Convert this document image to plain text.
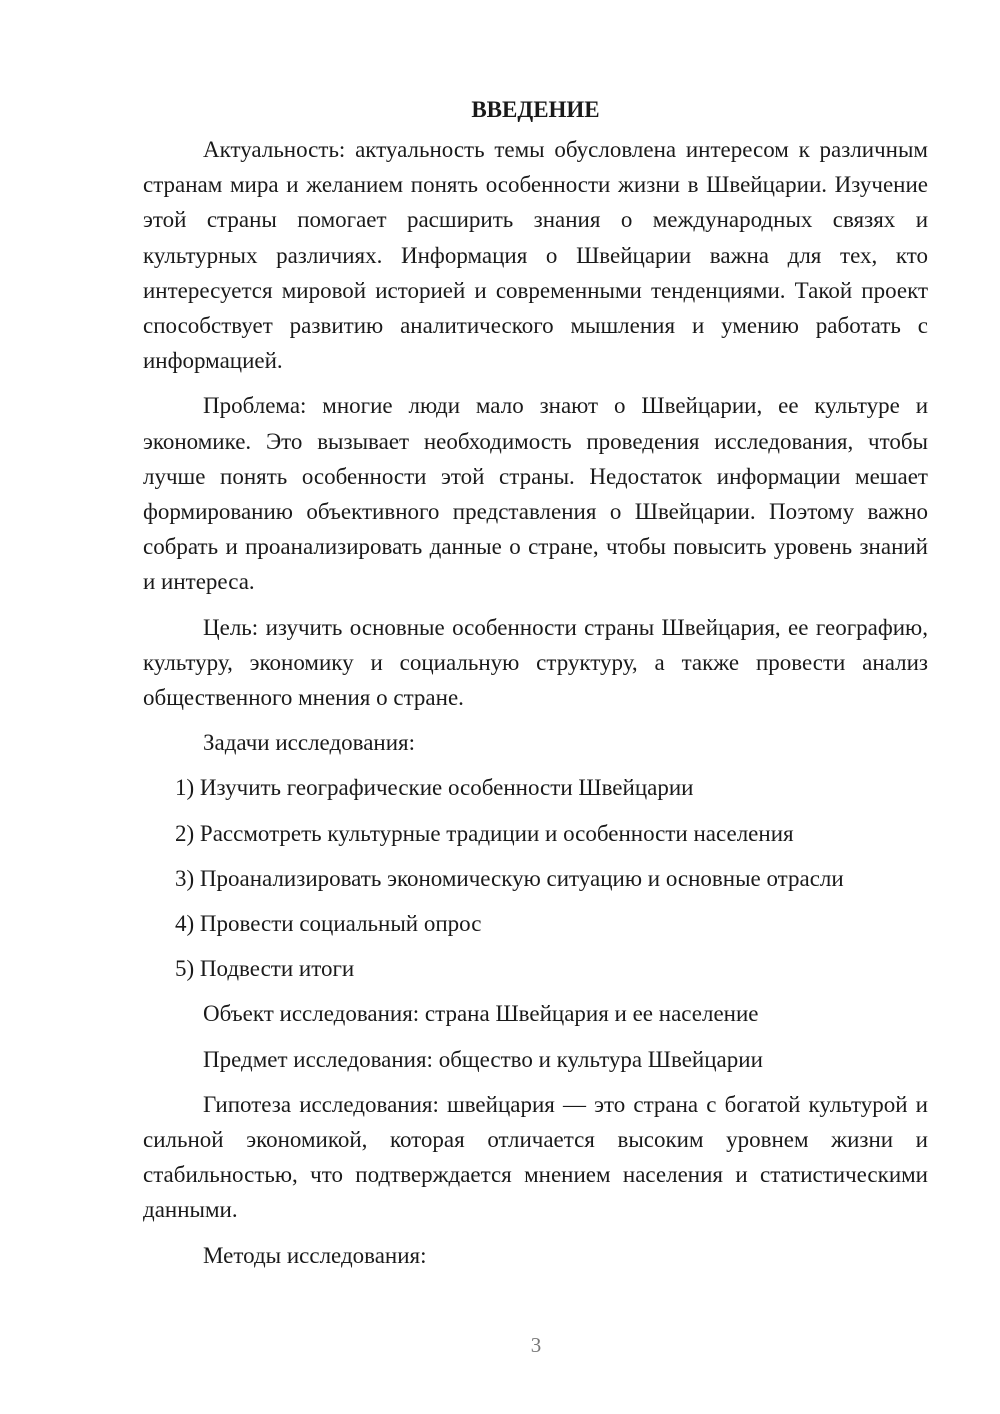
ВВЕДЕНИЕ

Актуальность: актуальность темы обусловлена интересом к различным странам мира и желанием понять особенности жизни в Швейцарии. Изучение этой страны помогает расширить знания о международных связях и культурных различиях. Информация о Швейцарии важна для тех, кто интересуется мировой историей и современными тенденциями. Такой проект способствует развитию аналитического мышления и умению работать с информацией.

Проблема: многие люди мало знают о Швейцарии, ее культуре и экономике. Это вызывает необходимость проведения исследования, чтобы лучше понять особенности этой страны. Недостаток информации мешает формированию объективного представления о Швейцарии. Поэтому важно собрать и проанализировать данные о стране, чтобы повысить уровень знаний и интереса.

Цель: изучить основные особенности страны Швейцария, ее географию, культуру, экономику и социальную структуру, а также провести анализ общественного мнения о стране.

Задачи исследования:

1) Изучить географические особенности Швейцарии

2) Рассмотреть культурные традиции и особенности населения

3) Проанализировать экономическую ситуацию и основные отрасли

4) Провести социальный опрос

5) Подвести итоги

Объект исследования: страна Швейцария и ее население

Предмет исследования: общество и культура Швейцарии

Гипотеза исследования: швейцария — это страна с богатой культурой и сильной экономикой, которая отличается высоким уровнем жизни и стабильностью, что подтверждается мнением населения и статистическими данными.

Методы исследования:

3
